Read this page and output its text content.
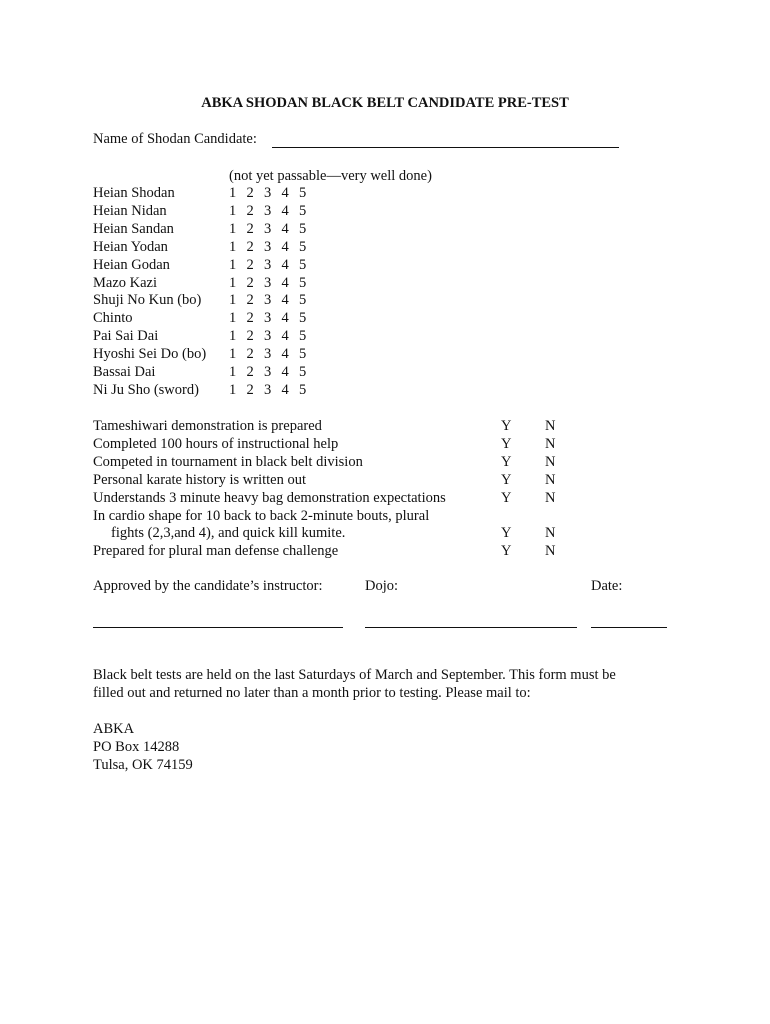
ABKA SHODAN BLACK BELT CANDIDATE PRE-TEST
Name of Shodan Candidate:
(not yet passable—very well done)
Heian Shodan	1 2 3 4 5
Heian Nidan	1 2 3 4 5
Heian Sandan	1 2 3 4 5
Heian Yodan	1 2 3 4 5
Heian Godan	1 2 3 4 5
Mazo Kazi	1 2 3 4 5
Shuji No Kun (bo) 1 2 3 4 5
Chinto	1 2 3 4 5
Pai Sai Dai	1 2 3 4 5
Hyoshi Sei Do (bo) 1 2 3 4 5
Bassai Dai	1 2 3 4 5
Ni Ju Sho (sword) 1 2 3 4 5
Tameshiwari demonstration is prepared	Y N
Completed 100 hours of instructional help	Y N
Competed in tournament in black belt division	Y N
Personal karate history is written out	Y N
Understands 3 minute heavy bag demonstration expectations	Y N
In cardio shape for 10 back to back 2-minute bouts, plural
fights (2,3,and 4), and quick kill kumite.	Y N
Prepared for plural man defense challenge	Y N
Approved by the candidate’s instructor:	Dojo:	Date:
Black belt tests are held on the last Saturdays of March and September. This form must be
filled out and returned no later than a month prior to testing. Please mail to:
ABKA
PO Box 14288
Tulsa, OK 74159
